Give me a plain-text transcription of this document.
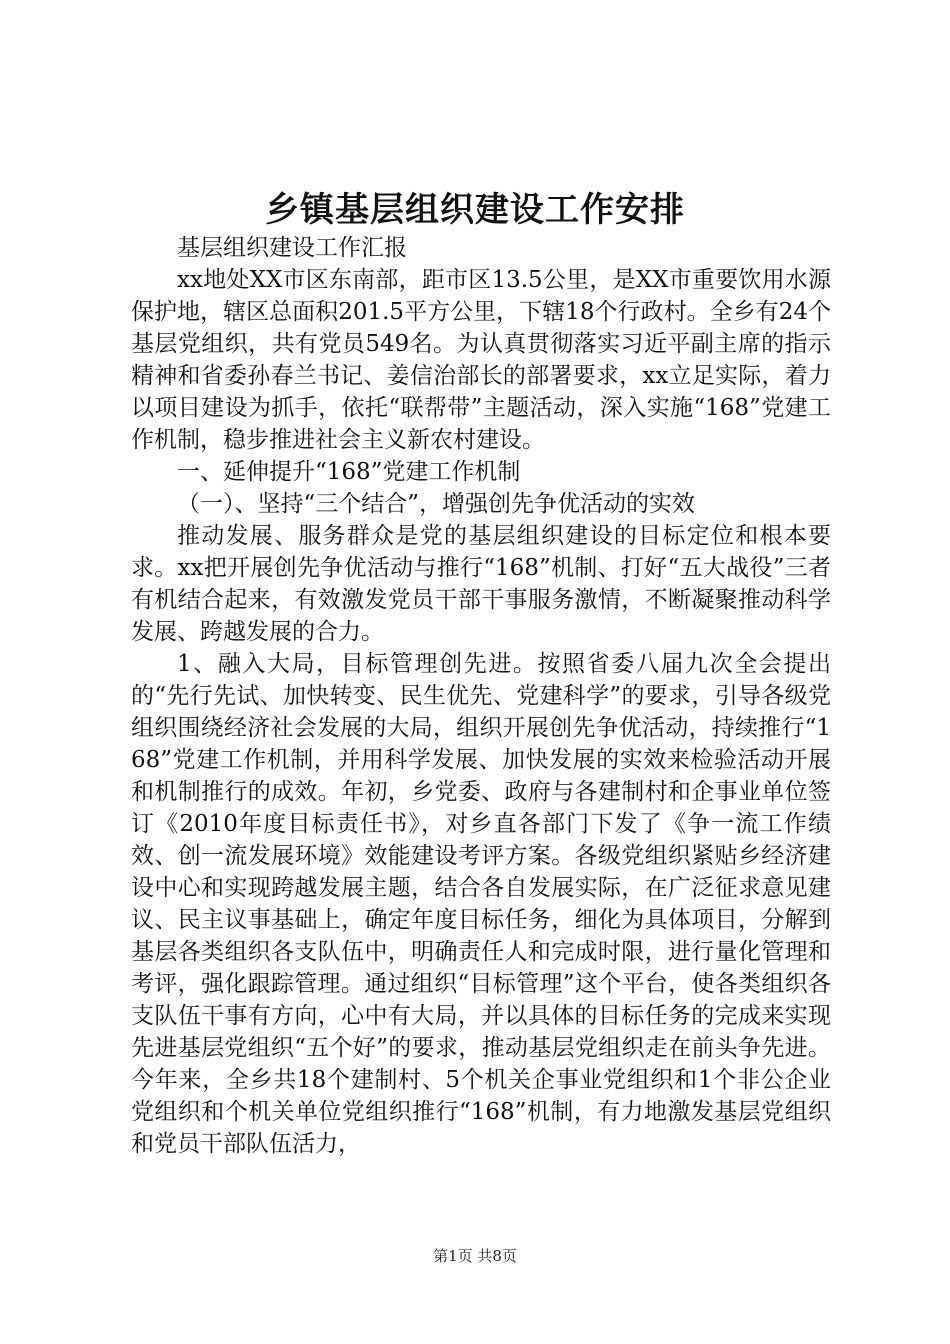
乡镇基层组织建设工作安排

基层组织建设工作汇报

xx地处XX市区东南部，距市区13.5公里，是XX市重要饮用水源保护地，辖区总面积201.5平方公里，下辖18个行政村。全乡有24个基层党组织，共有党员549名。为认真贯彻落实习近平副主席的指示精神和省委孙春兰书记、姜信治部长的部署要求，xx立足实际，着力以项目建设为抓手，依托“联帮带”主题活动，深入实施“168”党建工作机制，稳步推进社会主义新农村建设。

一、延伸提升“168”党建工作机制

（一）、坚持“三个结合”，增强创先争优活动的实效

推动发展、服务群众是党的基层组织建设的目标定位和根本要求。xx把开展创先争优活动与推行“168”机制、打好“五大战役”三者有机结合起来，有效激发党员干部干事服务激情，不断凝聚推动科学发展、跨越发展的合力。

1、融入大局，目标管理创先进。按照省委八届九次全会提出的“先行先试、加快转变、民生优先、党建科学”的要求，引导各级党组织围绕经济社会发展的大局，组织开展创先争优活动，持续推行“168”党建工作机制，并用科学发展、加快发展的实效来检验活动开展和机制推行的成效。年初，乡党委、政府与各建制村和企事业单位签订《2010年度目标责任书》，对乡直各部门下发了《争一流工作绩效、创一流发展环境》效能建设考评方案。各级党组织紧贴乡经济建设中心和实现跨越发展主题，结合各自发展实际，在广泛征求意见建议、民主议事基础上，确定年度目标任务，细化为具体项目，分解到基层各类组织各支队伍中，明确责任人和完成时限，进行量化管理和考评，强化跟踪管理。通过组织“目标管理”这个平台，使各类组织各支队伍干事有方向，心中有大局，并以具体的目标任务的完成来实现先进基层党组织“五个好”的要求，推动基层党组织走在前头争先进。今年来，全乡共18个建制村、5个机关企事业党组织和1个非公企业党组织和个机关单位党组织推行“168”机制，有力地激发基层党组织和党员干部队伍活力，

第1页 共8页
